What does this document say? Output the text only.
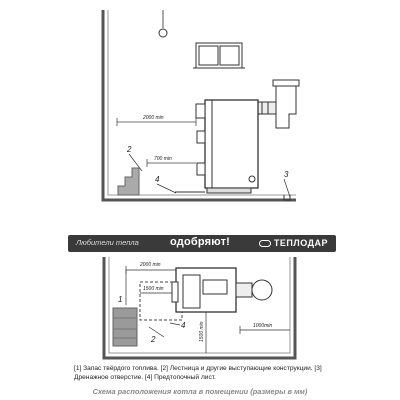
2000 min
700 min
2
4
3
2000 min
1500 min
1500 min	1000min
1
2
4
Любители тепла	одобряют!	ТЕПЛОДАР
[1] Запас твёрдого топлива. [2] Лестница и другие выступающие конструкции. [3] Дренажное отверстие. [4] Предтопочный лист.
Схема расположения котла в помещении (размеры в мм)
